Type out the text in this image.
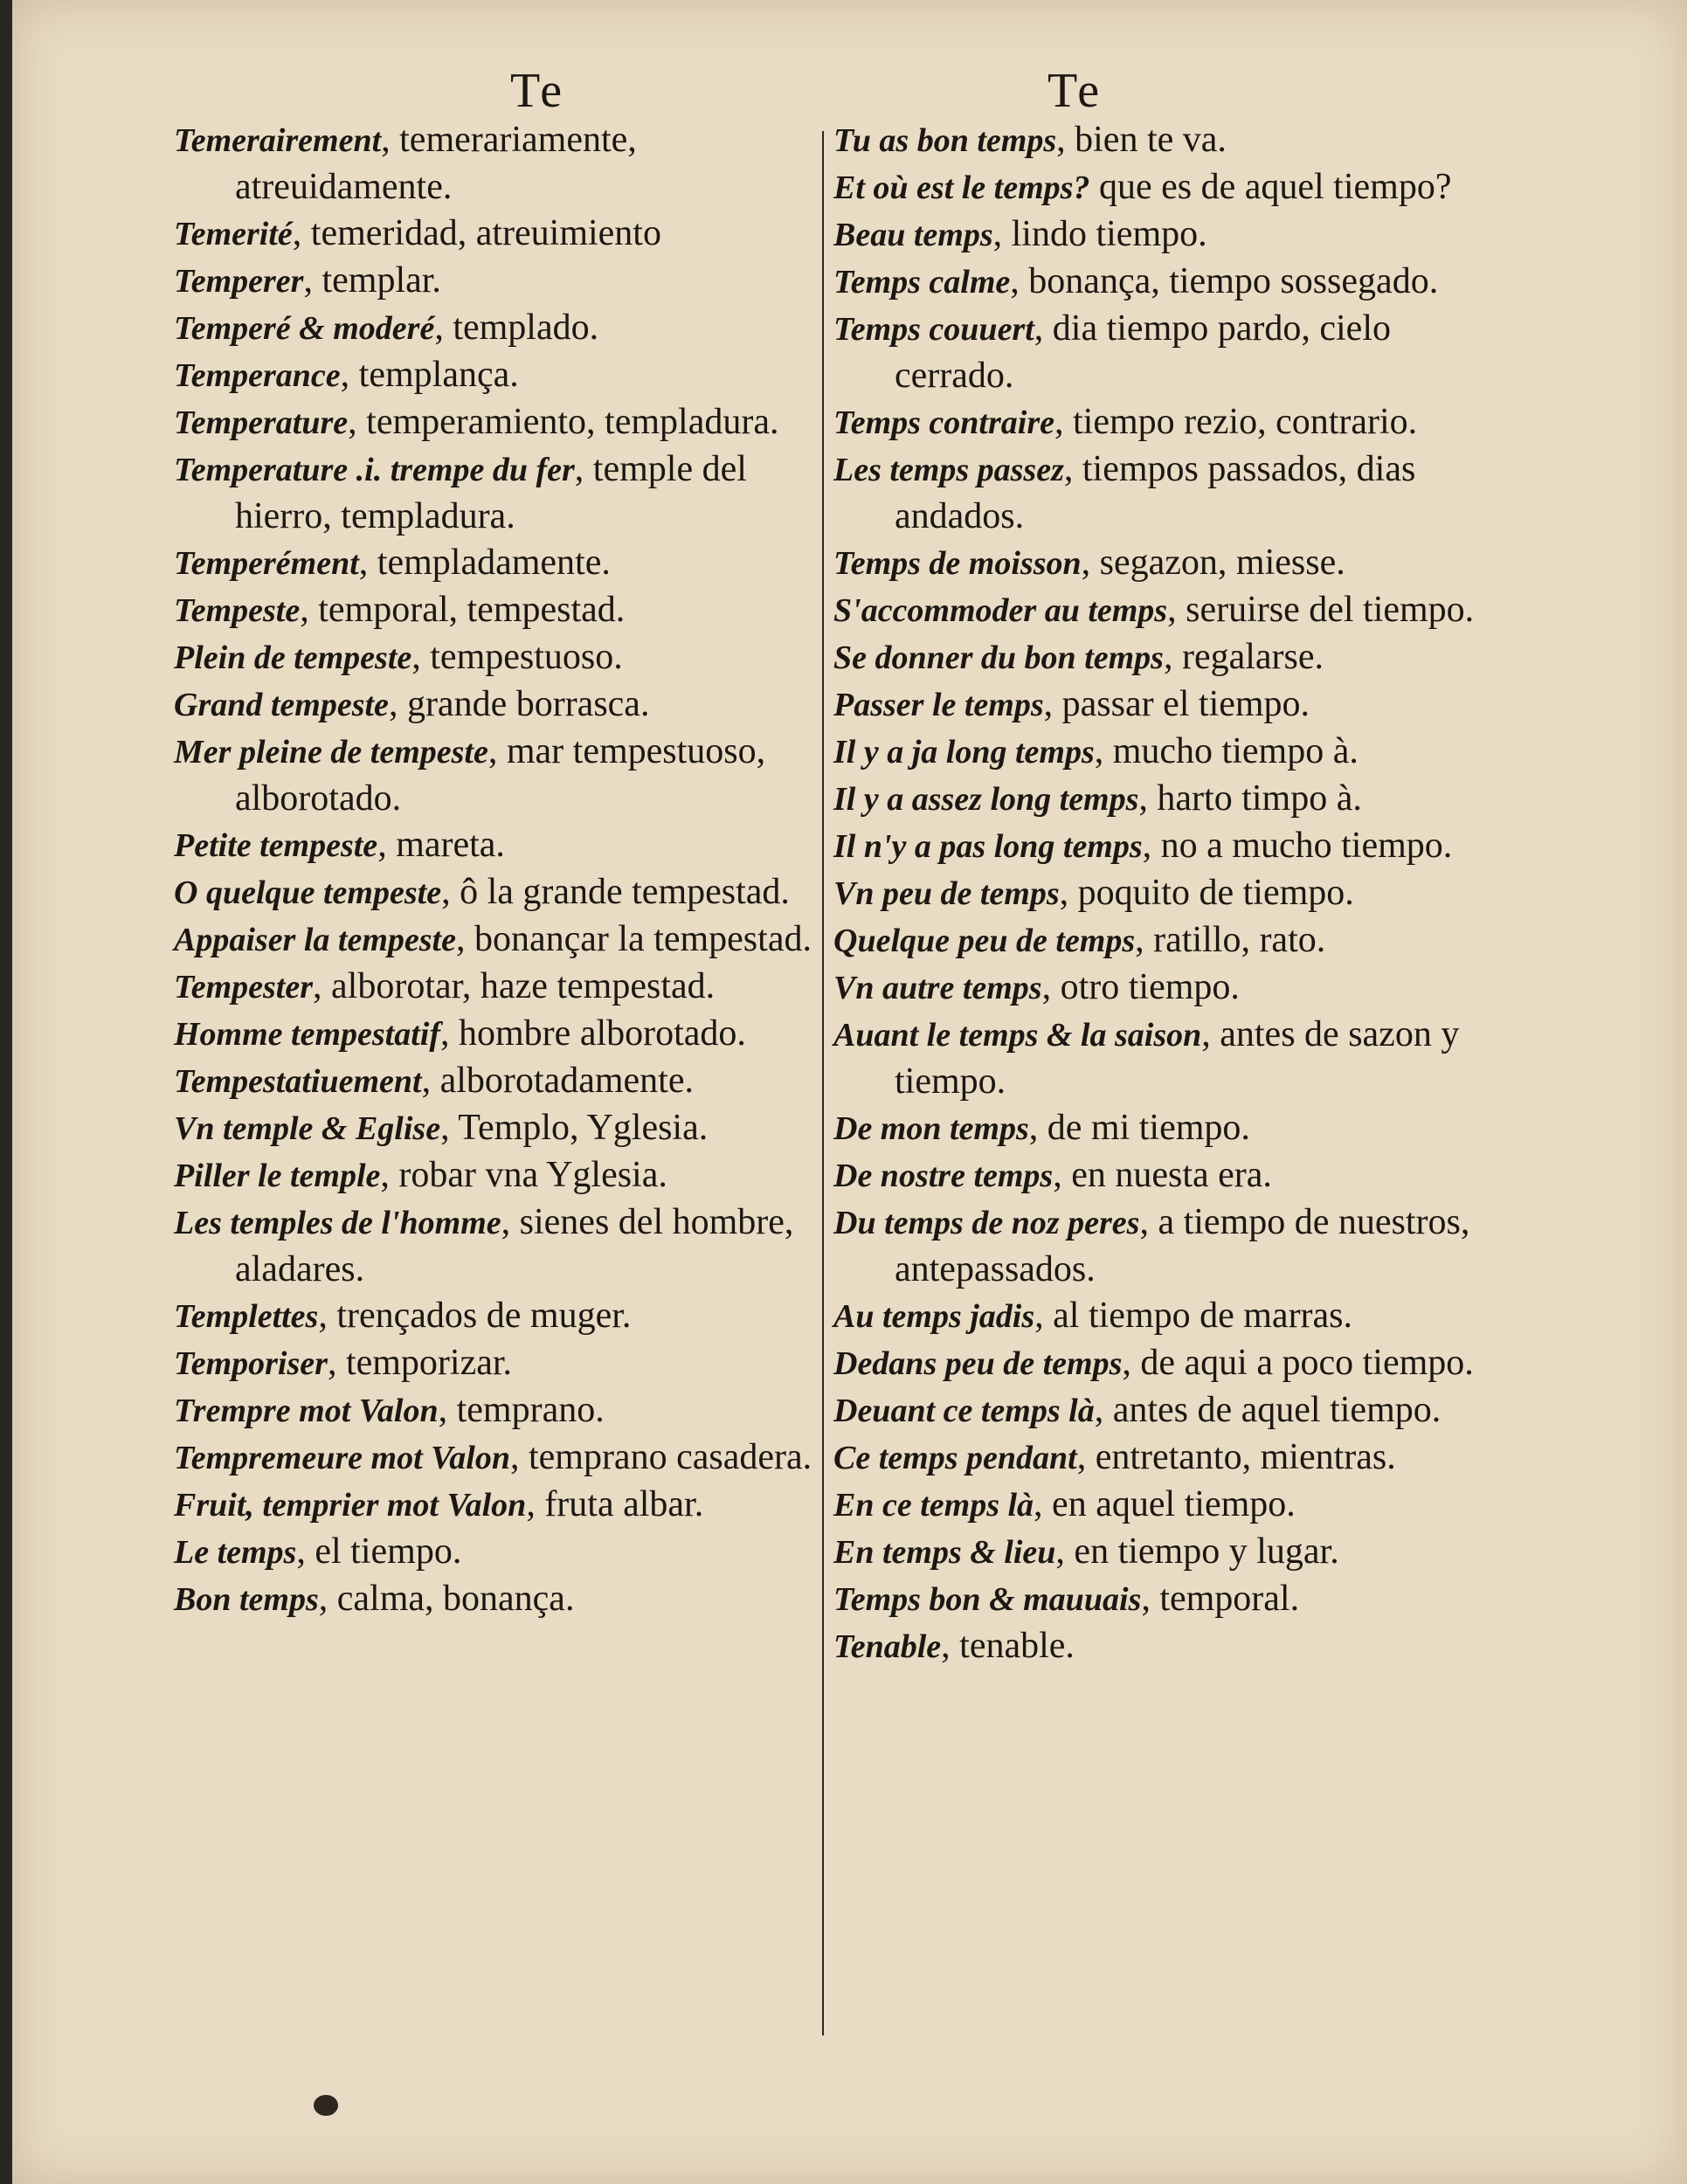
Te	Te
Temerairement, temerariamente, atreuidamente.
Temerité, temeridad, atreuimiento
Temperer, templar.
Temperé & moderé, templado.
Temperance, templança.
Temperature, temperamiento, templadura.
Temperature .i. trempe du fer, temple del hierro, templadura.
Temperément, templadamente.
Tempeste, temporal, tempestad.
Plein de tempeste, tempestuoso.
Grand tempeste, grande borrasca.
Mer pleine de tempeste, mar tempestuoso, alborotado.
Petite tempeste, mareta.
O quelque tempeste, ô la grande tempestad.
Appaiser la tempeste, bonançar la tempestad.
Tempester, alborotar, haze tempestad.
Homme tempestatif, hombre alborotado.
Tempestatiuement, alborotadamente.
Vn temple & Eglise, Templo, Yglesia.
Piller le temple, robar vna Yglesia.
Les temples de l'homme, sienes del hombre, aladares.
Templettes, trençados de muger.
Temporiser, temporizar.
Trempre mot Valon, temprano.
Tempremeure mot Valon, temprano casadera.
Fruit, temprier mot Valon, fruta albar.
Le temps, el tiempo.
Bon temps, calma, bonança.
Tu as bon temps, bien te va.
Et où est le temps? que es de aquel tiempo?
Beau temps, lindo tiempo.
Temps calme, bonança, tiempo sossegado.
Temps couuert, dia tiempo pardo, cielo cerrado.
Temps contraire, tiempo rezio, contrario.
Les temps passez, tiempos passados, dias andados.
Temps de moisson, segazon, miesse.
S'accommoder au temps, seruirse del tiempo.
Se donner du bon temps, regalarse.
Passer le temps, passar el tiempo.
Il y a ja long temps, mucho tiempo à.
Il y a assez long temps, harto timpo à.
Il n'y a pas long temps, no a mucho tiempo.
Vn peu de temps, poquito de tiempo.
Quelque peu de temps, ratillo, rato.
Vn autre temps, otro tiempo.
Auant le temps & la saison, antes de sazon y tiempo.
De mon temps, de mi tiempo.
De nostre temps, en nuesta era.
Du temps de noz peres, a tiempo de nuestros, antepassados.
Au temps jadis, al tiempo de marras.
Dedans peu de temps, de aqui a poco tiempo.
Deuant ce temps là, antes de aquel tiempo.
Ce temps pendant, entretanto, mientras.
En ce temps là, en aquel tiempo.
En temps & lieu, en tiempo y lugar.
Temps bon & mauuais, temporal.
Tenable, tenable.
